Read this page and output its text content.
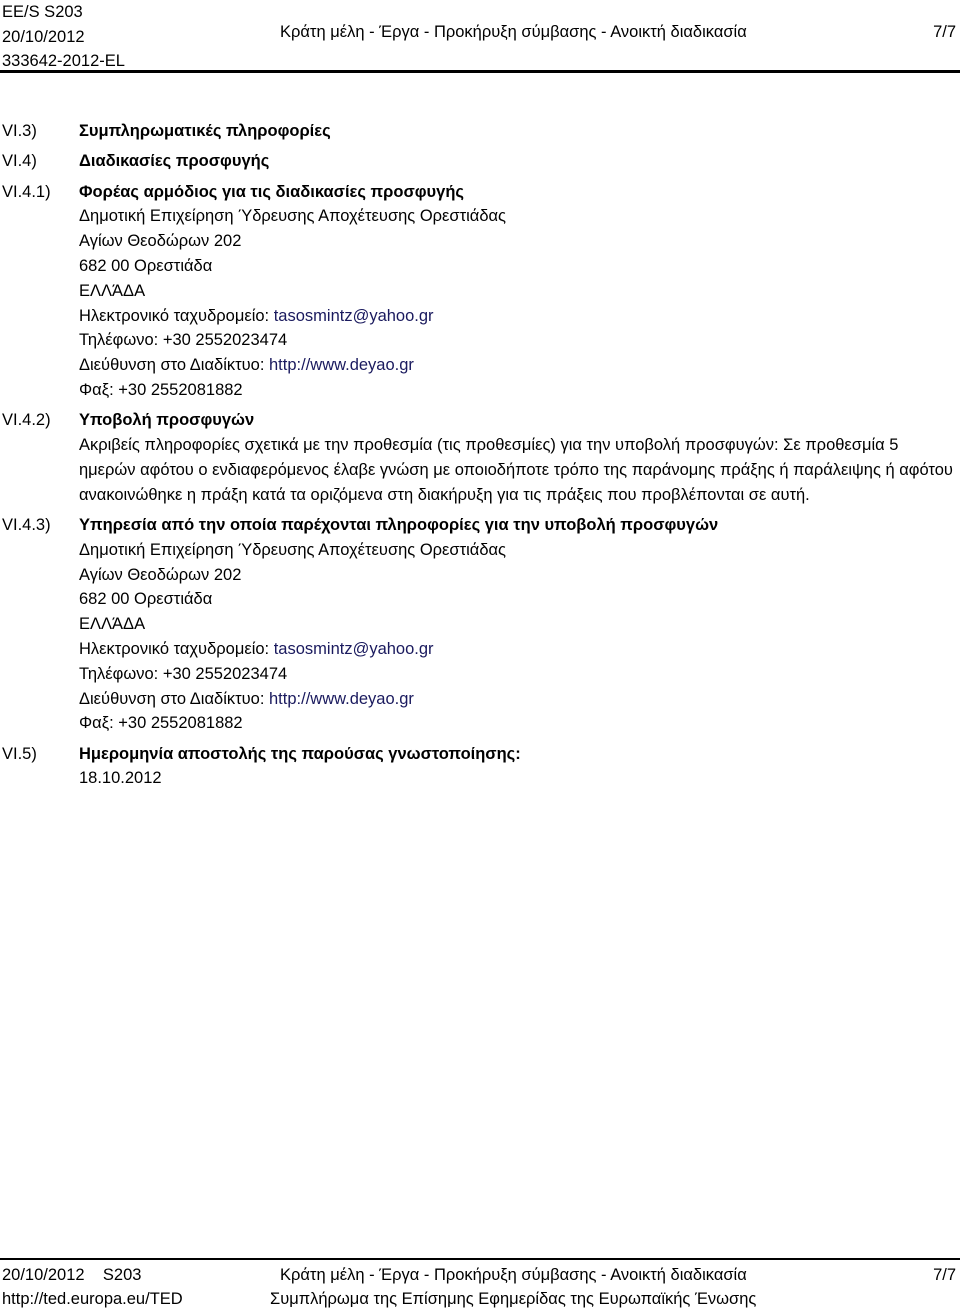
EE/S S203
20/10/2012
333642-2012-EL
Κράτη μέλη - Έργα - Προκήρυξη σύμβασης - Ανοικτή διαδικασία	7/7
VI.3)	Συμπληρωματικές πληροφορίες
VI.4)	Διαδικασίες προσφυγής
VI.4.1)	Φορέας αρμόδιος για τις διαδικασίες προσφυγής
Δημοτική Επιχείρηση Ύδρευσης Αποχέτευσης Ορεστιάδας
Αγίων Θεοδώρων 202
682 00 Ορεστιάδα
ΕΛΛΆΔΑ
Ηλεκτρονικό ταχυδρομείο: tasosmintz@yahoo.gr
Τηλέφωνο: +30 2552023474
Διεύθυνση στο Διαδίκτυο: http://www.deyao.gr
Φαξ: +30 2552081882
VI.4.2)	Υποβολή προσφυγών
Ακριβείς πληροφορίες σχετικά με την προθεσμία (τις προθεσμίες) για την υποβολή προσφυγών: Σε προθεσμία 5 ημερών αφότου ο ενδιαφερόμενος έλαβε γνώση με οποιοδήποτε τρόπο της παράνομης πράξης ή παράλειψης ή αφότου ανακοινώθηκε η πράξη κατά τα οριζόμενα στη διακήρυξη για τις πράξεις που προβλέπονται σε αυτή.
VI.4.3)	Υπηρεσία από την οποία παρέχονται πληροφορίες για την υποβολή προσφυγών
Δημοτική Επιχείρηση Ύδρευσης Αποχέτευσης Ορεστιάδας
Αγίων Θεοδώρων 202
682 00 Ορεστιάδα
ΕΛΛΆΔΑ
Ηλεκτρονικό ταχυδρομείο: tasosmintz@yahoo.gr
Τηλέφωνο: +30 2552023474
Διεύθυνση στο Διαδίκτυο: http://www.deyao.gr
Φαξ: +30 2552081882
VI.5)	Ημερομηνία αποστολής της παρούσας γνωστοποίησης:
18.10.2012
20/10/2012    S203
http://ted.europa.eu/TED
Κράτη μέλη - Έργα - Προκήρυξη σύμβασης - Ανοικτή διαδικασία
Συμπλήρωμα της Επίσημης Εφημερίδας της Ευρωπαϊκής Ένωσης
7/7
